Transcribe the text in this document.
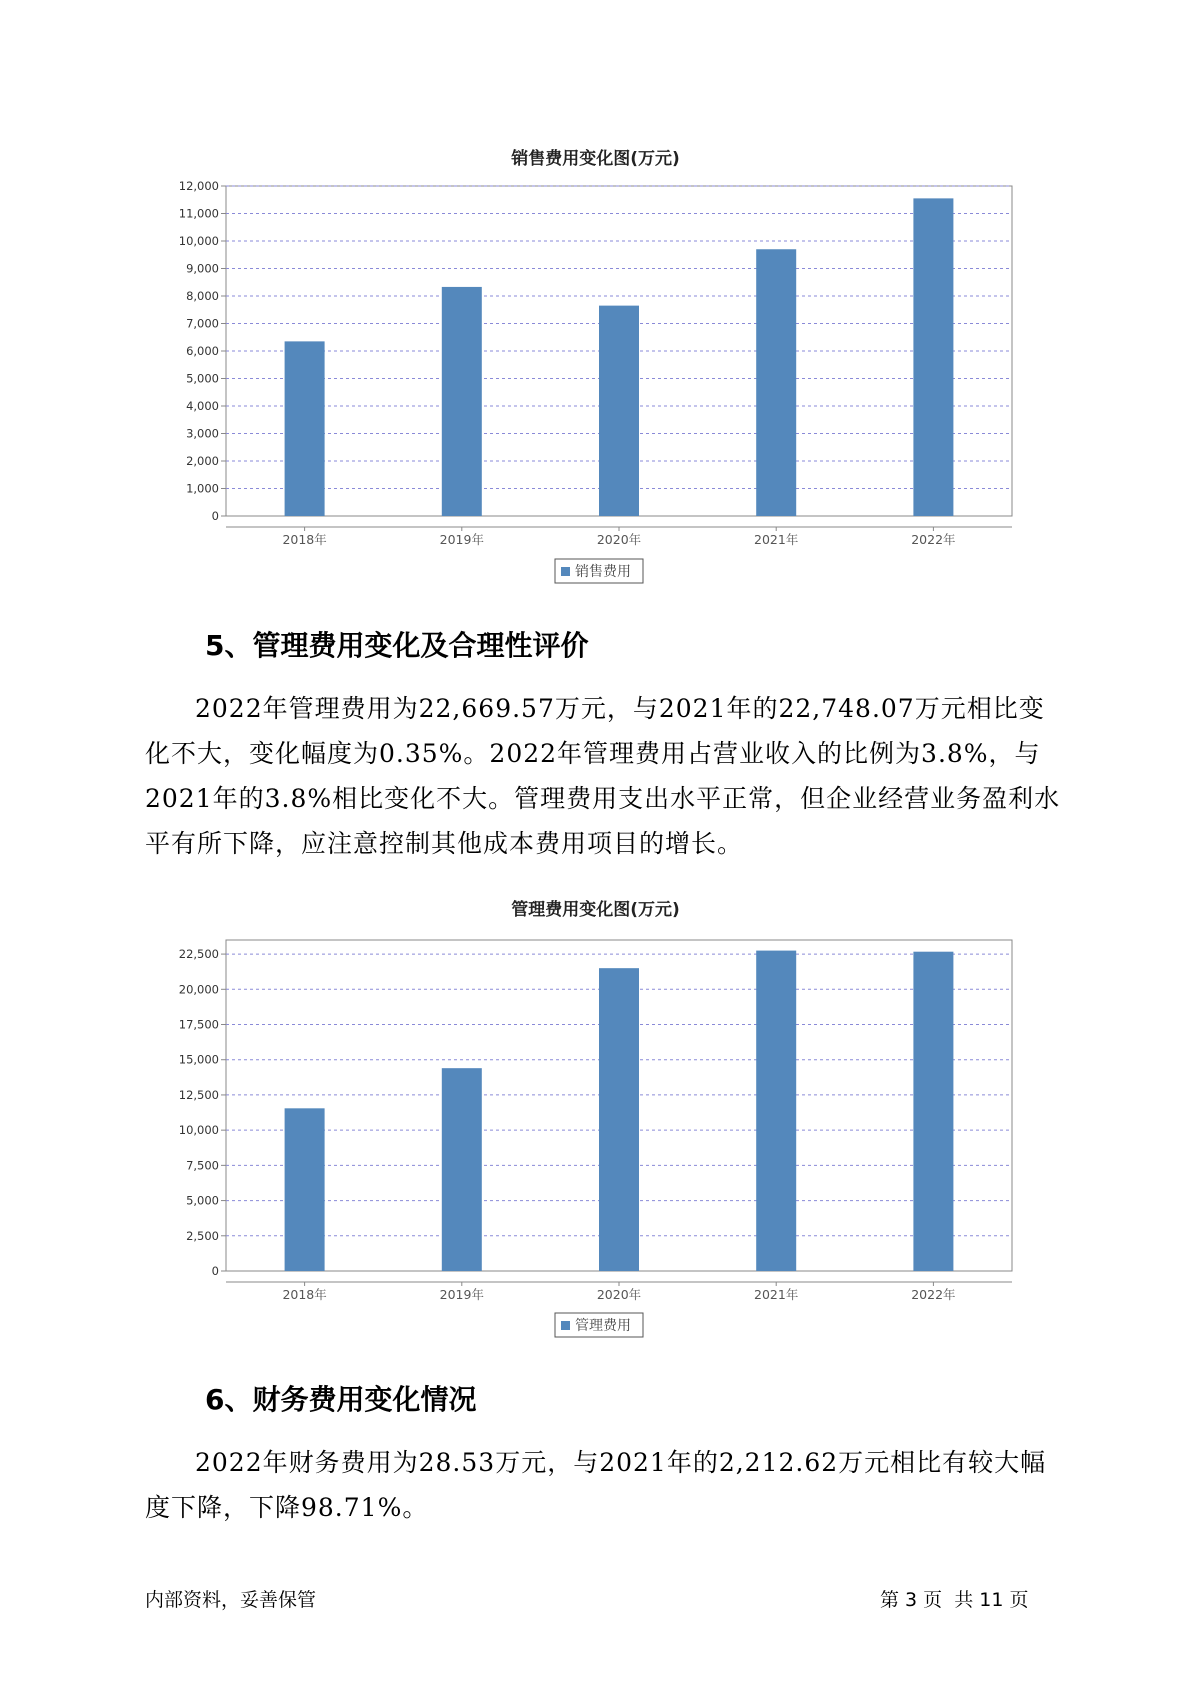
销售费用变化图(万元)
0
1,000
2,000
3,000
4,000
5,000
6,000
7,000
8,000
9,000
10,000
11,000
12,000
2018年	2019年	2020年	2021年	2022年
销售费用
5、管理费用变化及合理性评价

2022年管理费用为22,669.57万元，与2021年的22,748.07万元相比变化不大，变化幅度为0.35%。2022年管理费用占营业收入的比例为3.8%，与2021年的3.8%相比变化不大。管理费用支出水平正常，但企业经营业务盈利水平有所下降，应注意控制其他成本费用项目的增长。

管理费用变化图(万元)
0
2,500
5,000
7,500
10,000
12,500
15,000
17,500
20,000
22,500
2018年	2019年	2020年	2021年	2022年
管理费用
6、财务费用变化情况

2022年财务费用为28.53万元，与2021年的2,212.62万元相比有较大幅度下降，下降98.71%。

内部资料，妥善保管	第 3 页  共 11 页
